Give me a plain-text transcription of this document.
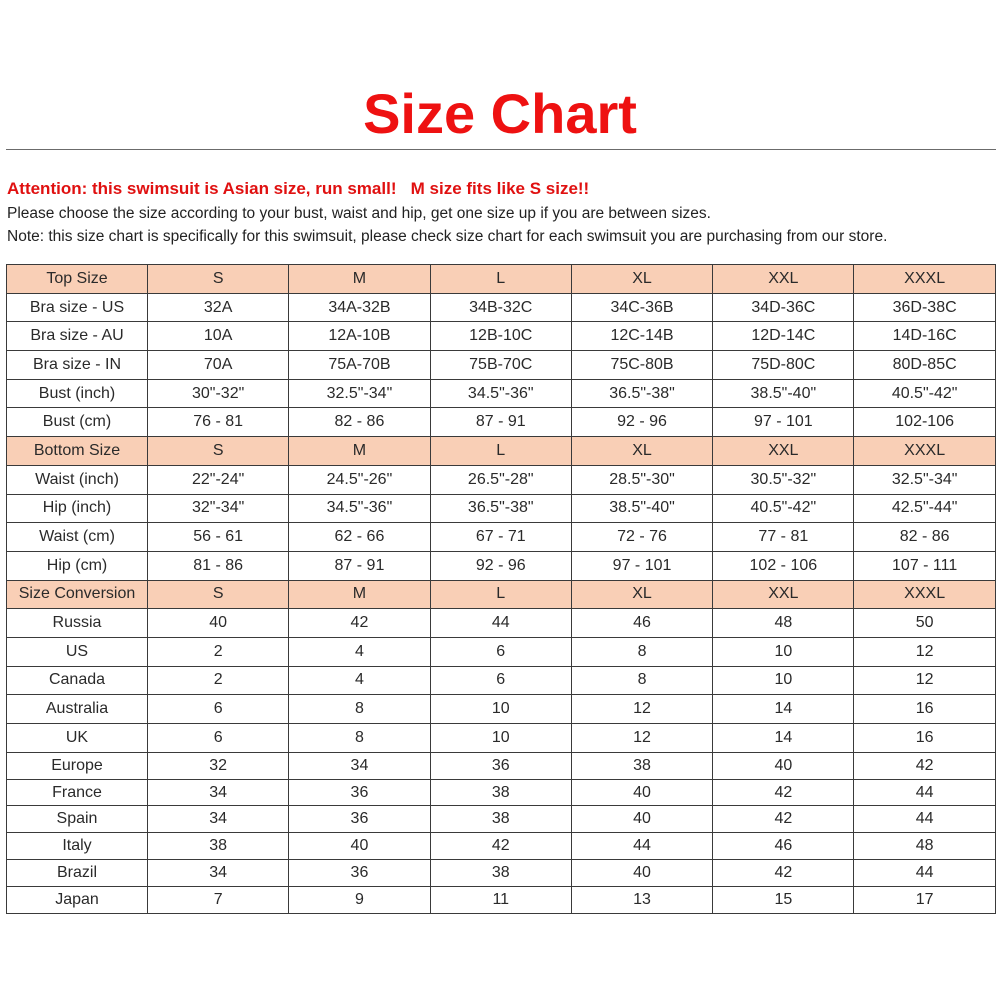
Size Chart
Attention: this swimsuit is Asian size, run small!   M size fits like S size!!
Please choose the size according to your bust, waist and hip, get one size up if you are between sizes.
Note: this size chart is specifically for this swimsuit, please check size chart for each swimsuit you are purchasing from our store.
Top Size	S	M	L	XL	XXL	XXXL
Bra size - US	32A	34A-32B	34B-32C	34C-36B	34D-36C	36D-38C
Bra size - AU	10A	12A-10B	12B-10C	12C-14B	12D-14C	14D-16C
Bra size - IN	70A	75A-70B	75B-70C	75C-80B	75D-80C	80D-85C
Bust (inch)	30"-32"	32.5"-34"	34.5"-36"	36.5"-38"	38.5"-40"	40.5"-42"
Bust (cm)	76 - 81	82 - 86	87 - 91	92 - 96	97 - 101	102-106
Bottom Size	S	M	L	XL	XXL	XXXL
Waist (inch)	22"-24"	24.5"-26"	26.5"-28"	28.5"-30"	30.5"-32"	32.5"-34"
Hip (inch)	32"-34"	34.5"-36"	36.5"-38"	38.5"-40"	40.5"-42"	42.5"-44"
Waist (cm)	56 - 61	62 - 66	67 - 71	72 - 76	77 - 81	82 - 86
Hip (cm)	81 - 86	87 - 91	92 - 96	97 - 101	102 - 106	107 - 111
Size Conversion	S	M	L	XL	XXL	XXXL
Russia	40	42	44	46	48	50
US	2	4	6	8	10	12
Canada	2	4	6	8	10	12
Australia	6	8	10	12	14	16
UK	6	8	10	12	14	16
Europe	32	34	36	38	40	42
France	34	36	38	40	42	44
Spain	34	36	38	40	42	44
Italy	38	40	42	44	46	48
Brazil	34	36	38	40	42	44
Japan	7	9	11	13	15	17
